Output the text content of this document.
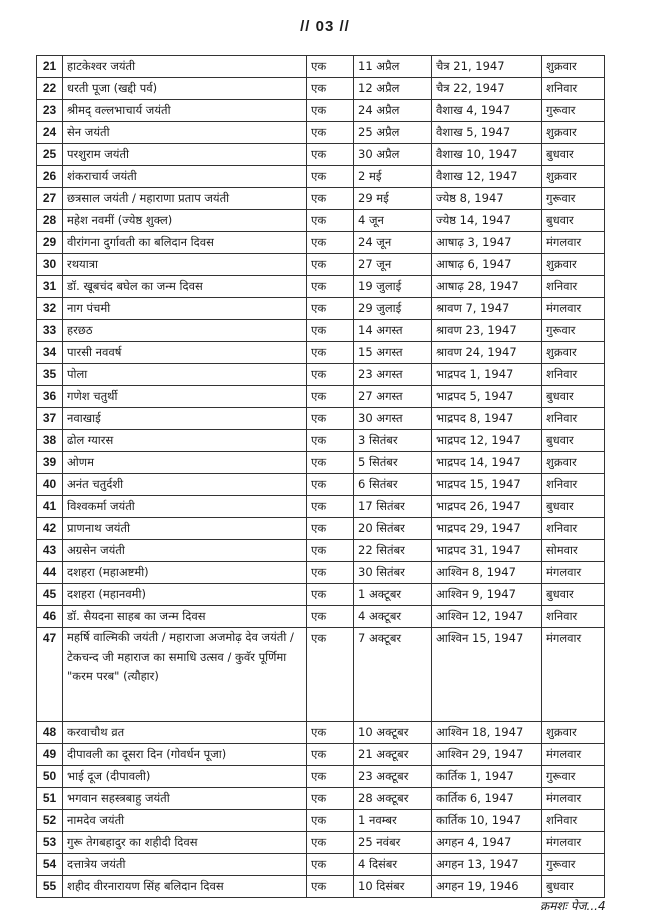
// 03 //
21	हाटकेश्वर जयंती	एक	11 अप्रैल	चैत्र 21, 1947	शुक्रवार
22	धरती पूजा (खद्दी पर्व)	एक	12 अप्रैल	चैत्र 22, 1947	शनिवार
23	श्रीमद् वल्लभाचार्य जयंती	एक	24 अप्रैल	वैशाख 4, 1947	गुरूवार
24	सेन जयंती	एक	25 अप्रैल	वैशाख 5, 1947	शुक्रवार
25	परशुराम जयंती	एक	30 अप्रैल	वैशाख 10, 1947	बुधवार
26	शंकराचार्य जयंती	एक	2 मई	वैशाख 12, 1947	शुक्रवार
27	छत्रसाल जयंती / महाराणा प्रताप जयंती	एक	29 मई	ज्येष्ठ 8, 1947	गुरूवार
28	महेश नवमीं (ज्येष्ठ शुक्ल)	एक	4 जून	ज्येष्ठ 14, 1947	बुधवार
29	वीरांगना दुर्गावती का बलिदान दिवस	एक	24 जून	आषाढ़ 3, 1947	मंगलवार
30	रथयात्रा	एक	27 जून	आषाढ़ 6, 1947	शुक्रवार
31	डॉ. खूबचंद बघेल का जन्म दिवस	एक	19 जुलाई	आषाढ़ 28, 1947	शनिवार
32	नाग पंचमी	एक	29 जुलाई	श्रावण 7, 1947	मंगलवार
33	हरछठ	एक	14 अगस्त	श्रावण 23, 1947	गुरूवार
34	पारसी नववर्ष	एक	15 अगस्त	श्रावण 24, 1947	शुक्रवार
35	पोला	एक	23 अगस्त	भाद्रपद 1, 1947	शनिवार
36	गणेश चतुर्थी	एक	27 अगस्त	भाद्रपद 5, 1947	बुधवार
37	नवाखाई	एक	30 अगस्त	भाद्रपद 8, 1947	शनिवार
38	ढोल ग्यारस	एक	3 सितंबर	भाद्रपद 12, 1947	बुधवार
39	ओणम	एक	5 सितंबर	भाद्रपद 14, 1947	शुक्रवार
40	अनंत चतुर्दशी	एक	6 सितंबर	भाद्रपद 15, 1947	शनिवार
41	विश्वकर्मा जयंती	एक	17 सितंबर	भाद्रपद 26, 1947	बुधवार
42	प्राणनाथ जयंती	एक	20 सितंबर	भाद्रपद 29, 1947	शनिवार
43	अग्रसेन जयंती	एक	22 सितंबर	भाद्रपद 31, 1947	सोमवार
44	दशहरा (महाअष्टमी)	एक	30 सितंबर	आश्विन 8, 1947	मंगलवार
45	दशहरा (महानवमी)	एक	1 अक्टूबर	आश्विन 9, 1947	बुधवार
46	डॉ. सैयदना साहब का जन्म दिवस	एक	4 अक्टूबर	आश्विन 12, 1947	शनिवार
47	महर्षि वाल्मिकी जयंती / महाराजा अजमोढ़ देव जयंती / टेकचन्द जी महाराज का समाधि उत्सव / कुवॅर पूर्णिमा "करम परब" (त्यौहार)	एक	7 अक्टूबर	आश्विन 15, 1947	मंगलवार
48	करवाचौथ व्रत	एक	10 अक्टूबर	आश्विन 18, 1947	शुक्रवार
49	दीपावली का दूसरा दिन (गोवर्धन पूजा)	एक	21 अक्टूबर	आश्विन 29, 1947	मंगलवार
50	भाई दूज (दीपावली)	एक	23 अक्टूबर	कार्तिक 1, 1947	गुरूवार
51	भगवान सहस्त्रबाहु जयंती	एक	28 अक्टूबर	कार्तिक 6, 1947	मंगलवार
52	नामदेव जयंती	एक	1 नवम्बर	कार्तिक 10, 1947	शनिवार
53	गुरू तेगबहादुर का शहीदी दिवस	एक	25 नवंबर	अगहन 4, 1947	मंगलवार
54	दत्तात्रेय जयंती	एक	4 दिसंबर	अगहन 13, 1947	गुरूवार
55	शहीद वीरनारायण सिंह बलिदान दिवस	एक	10 दिसंबर	अगहन 19, 1946	बुधवार
क्रमशः पेज...4
